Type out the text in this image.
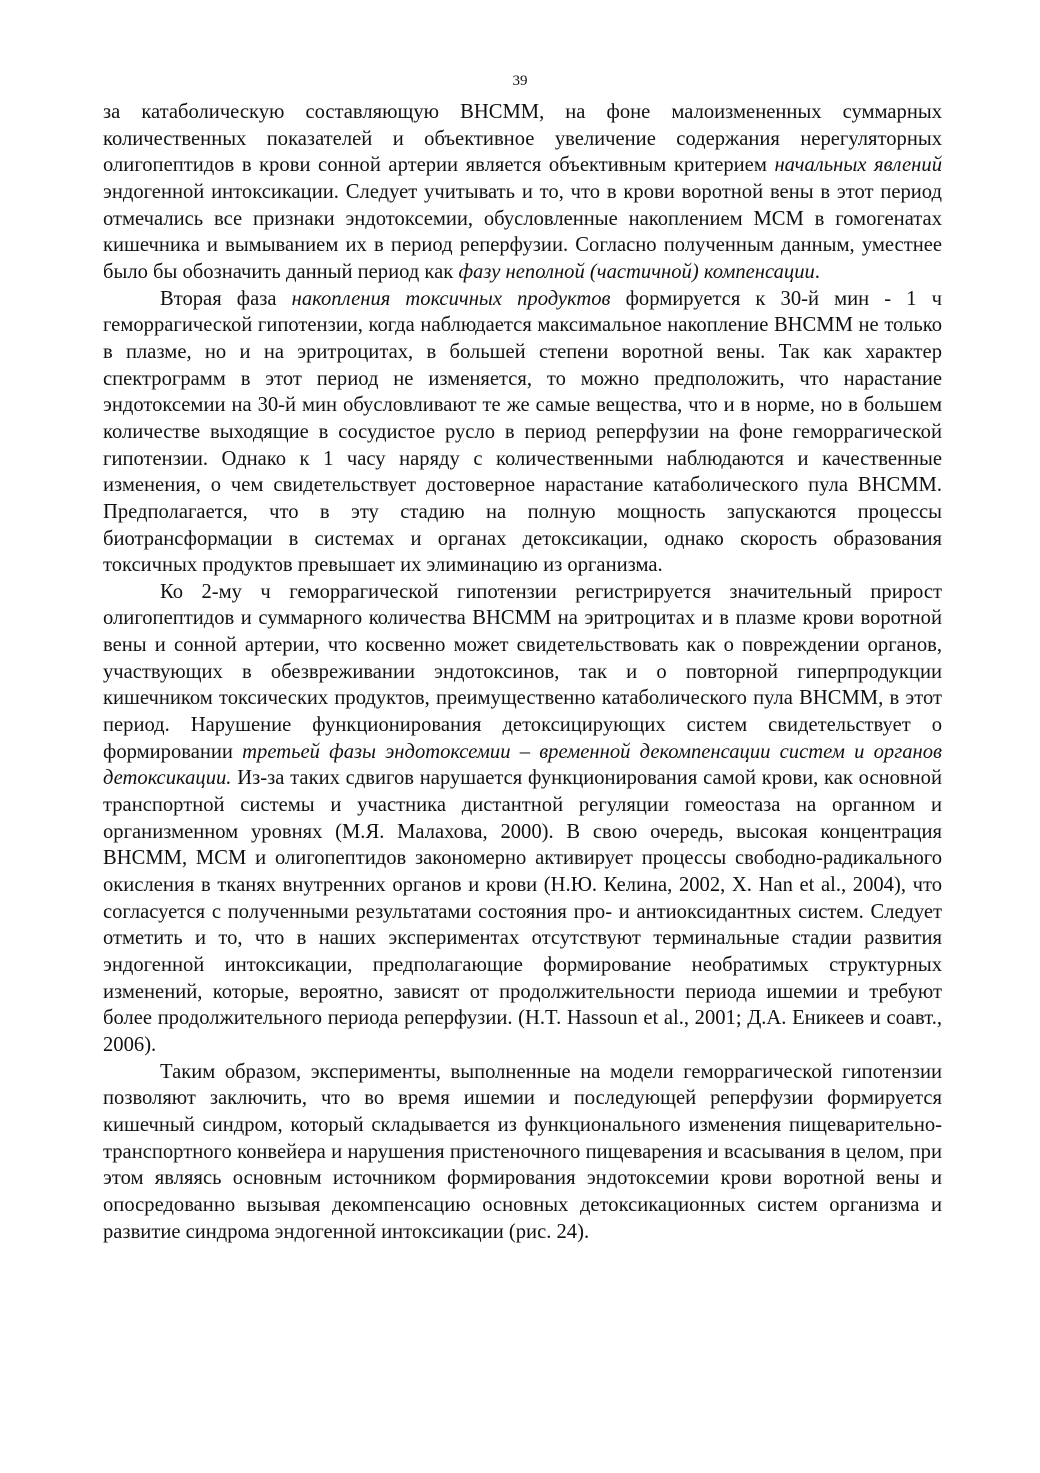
39

за катаболическую составляющую ВНСММ, на фоне малоизмененных суммарных количественных показателей и объективное увеличение содержания нерегуляторных олигопептидов в крови сонной артерии является объективным критерием начальных явлений эндогенной интоксикации. Следует учитывать и то, что в крови воротной вены в этот период отмечались все признаки эндотоксемии, обусловленные накоплением МСМ в гомогенатах кишечника и вымыванием их в период реперфузии. Согласно полученным данным, уместнее было бы обозначить данный период как фазу неполной (частичной) компенсации.

Вторая фаза накопления токсичных продуктов формируется к 30-й мин - 1 ч геморрагической гипотензии, когда наблюдается максимальное накопление ВНСММ не только в плазме, но и на эритроцитах, в большей степени воротной вены. Так как характер спектрограмм в этот период не изменяется, то можно предположить, что нарастание эндотоксемии на 30-й мин обусловливают те же самые вещества, что и в норме, но в большем количестве выходящие в сосудистое русло в период реперфузии на фоне геморрагической гипотензии. Однако к 1 часу наряду с количественными наблюдаются и качественные изменения, о чем свидетельствует достоверное нарастание катаболического пула ВНСММ. Предполагается, что в эту стадию на полную мощность запускаются процессы биотрансформации в системах и органах детоксикации, однако скорость образования токсичных продуктов превышает их элиминацию из организма.

Ко 2-му ч геморрагической гипотензии регистрируется значительный прирост олигопептидов и суммарного количества ВНСММ на эритроцитах и в плазме крови воротной вены и сонной артерии, что косвенно может свидетельствовать как о повреждении органов, участвующих в обезвреживании эндотоксинов, так и о повторной гиперпродукции кишечником токсических продуктов, преимущественно катаболического пула ВНСММ, в этот период. Нарушение функционирования детоксицирующих систем свидетельствует о формировании третьей фазы эндотоксемии – временной декомпенсации систем и органов детоксикации. Из-за таких сдвигов нарушается функционирования самой крови, как основной транспортной системы и участника дистантной регуляции гомеостаза на органном и организменном уровнях (М.Я. Малахова, 2000). В свою очередь, высокая концентрация ВНСММ, МСМ и олигопептидов закономерно активирует процессы свободно-радикального окисления в тканях внутренних органов и крови (Н.Ю. Келина, 2002, X. Han et al., 2004), что согласуется с полученными результатами состояния про- и антиоксидантных систем. Следует отметить и то, что в наших экспериментах отсутствуют терминальные стадии развития эндогенной интоксикации, предполагающие формирование необратимых структурных изменений, которые, вероятно, зависят от продолжительности периода ишемии и требуют более продолжительного периода реперфузии. (H.T. Hassoun et al., 2001; Д.А. Еникеев и соавт., 2006).

Таким образом, эксперименты, выполненные на модели геморрагической гипотензии позволяют заключить, что во время ишемии и последующей реперфузии формируется кишечный синдром, который складывается из функционального изменения пищеварительно-транспортного конвейера и нарушения пристеночного пищеварения и всасывания в целом, при этом являясь основным источником формирования эндотоксемии крови воротной вены и опосредованно вызывая декомпенсацию основных детоксикационных систем организма и развитие синдрома эндогенной интоксикации (рис. 24).
